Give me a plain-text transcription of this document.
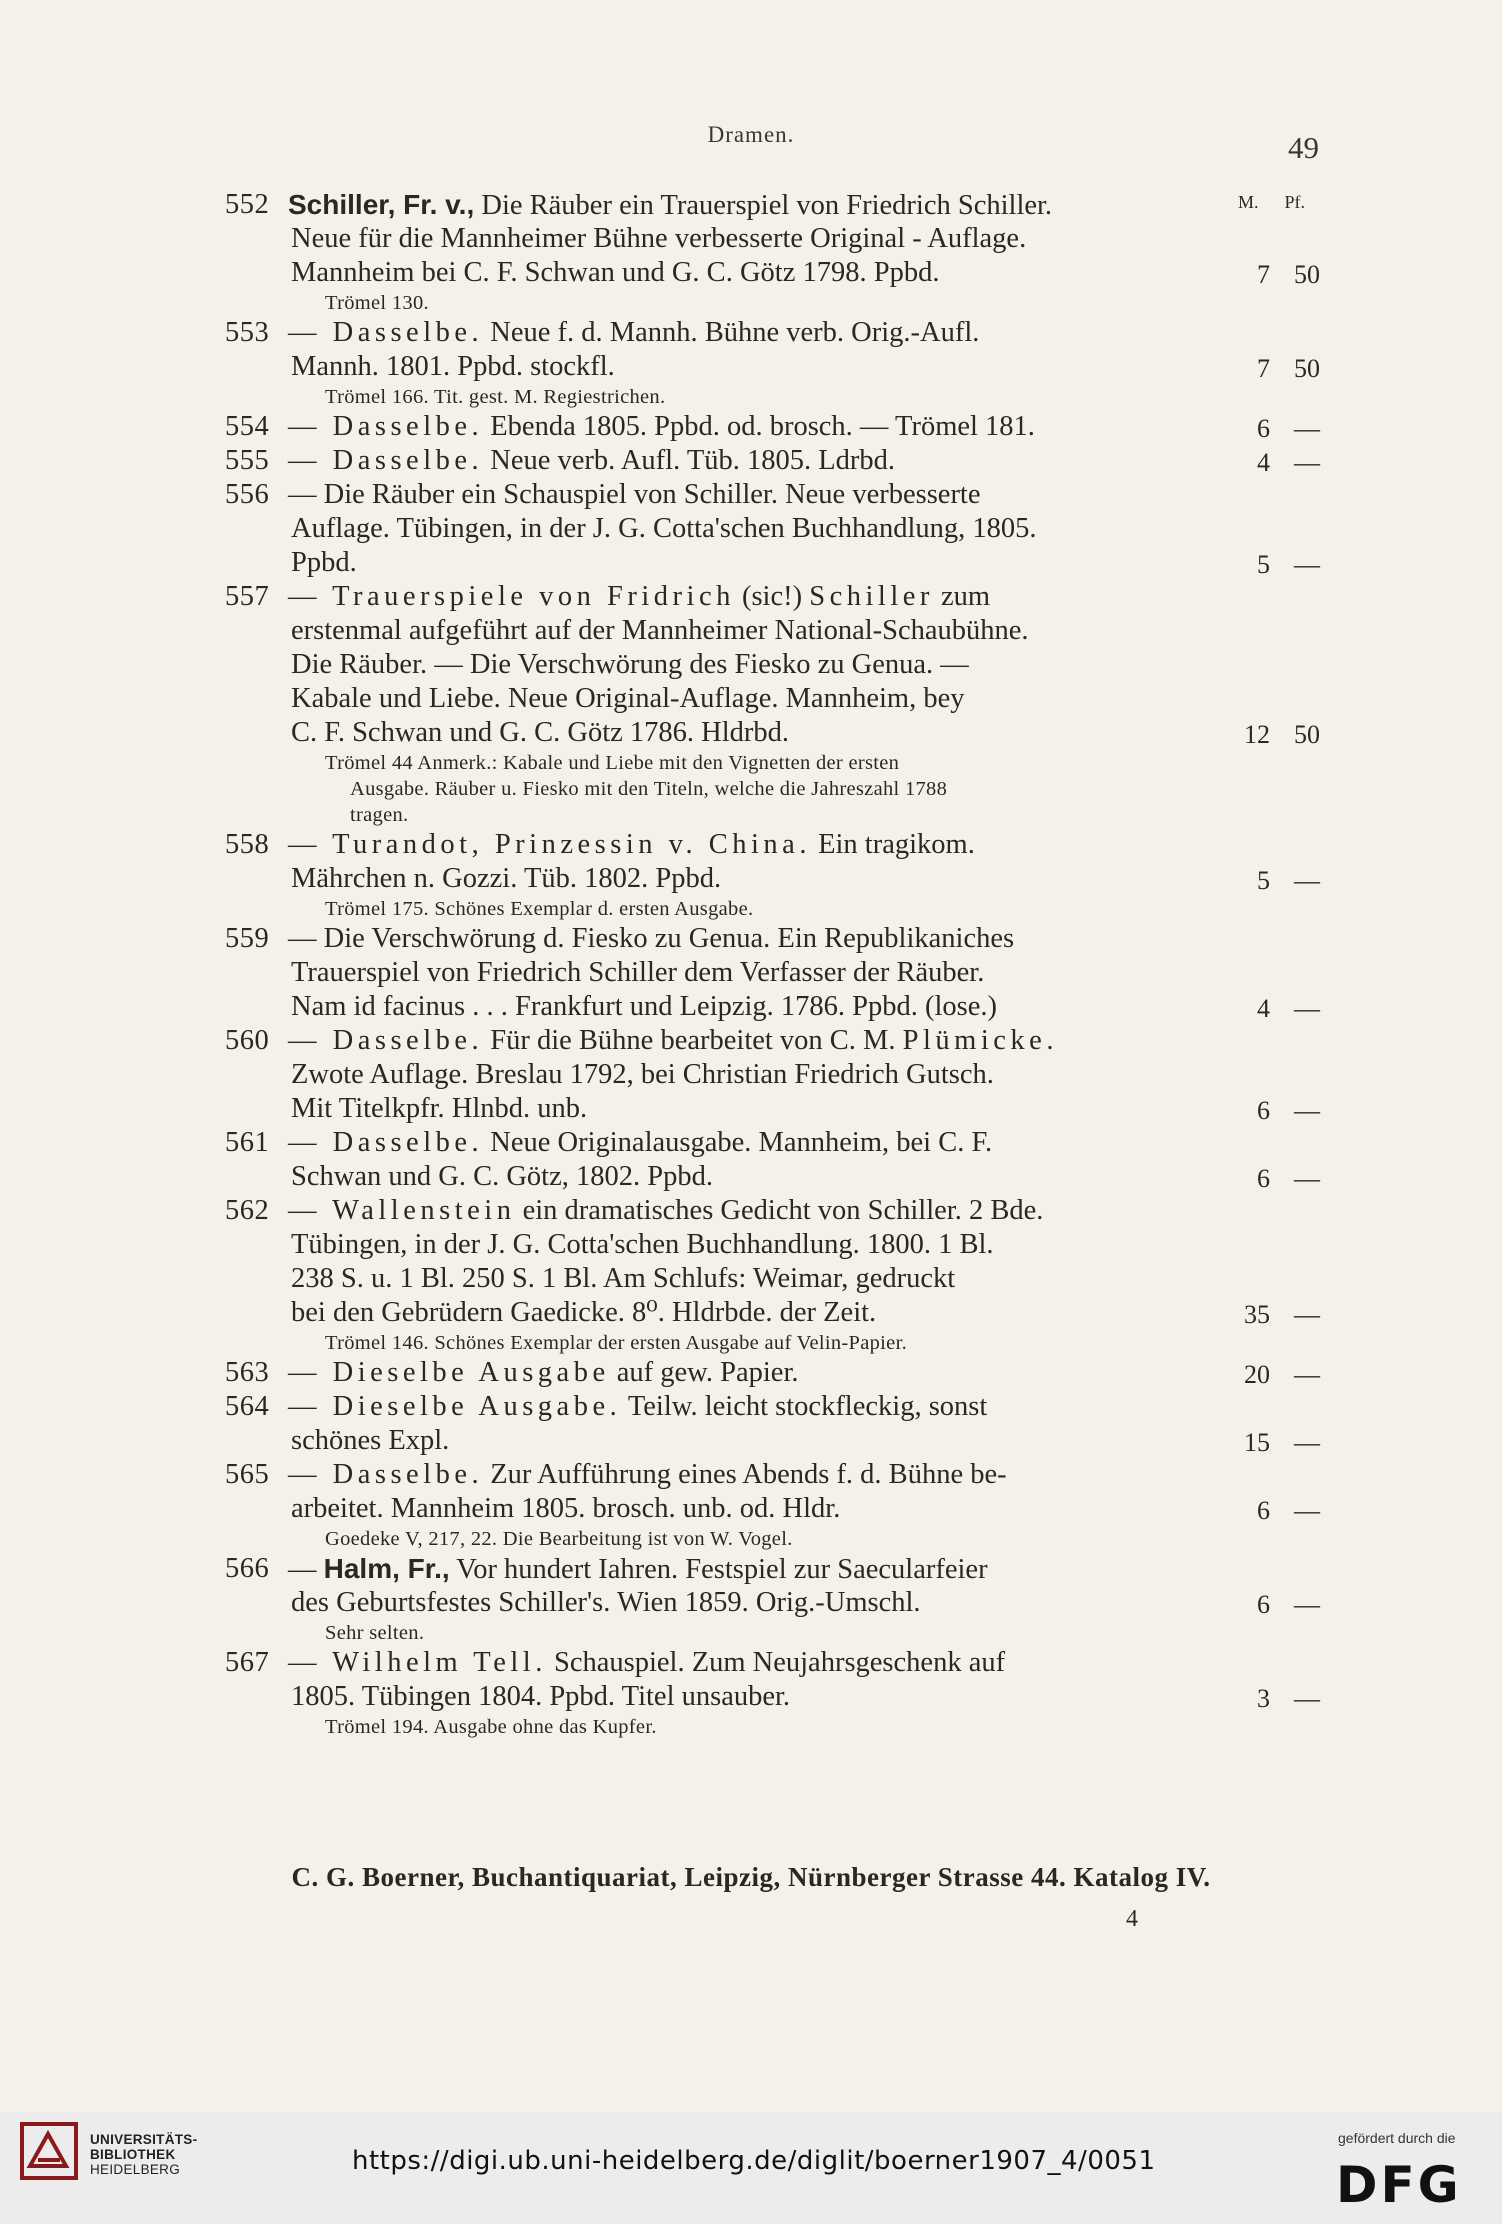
Dramen.	49
M. Pf.
552 Schiller, Fr. v., Die Räuber ein Trauerspiel von Friedrich Schiller.
Neue für die Mannheimer Bühne verbesserte Original - Auflage.
Mannheim bei C. F. Schwan und G. C. Götz 1798. Ppbd.	7 50
Trömel 130.
553 — Dasselbe. Neue f. d. Mannh. Bühne verb. Orig.-Aufl.
Mannh. 1801. Ppbd. stockfl.	7 50
Trömel 166. Tit. gest. M. Regiestrichen.
554 — Dasselbe. Ebenda 1805. Ppbd. od. brosch. — Trömel 181.	6 —
555 — Dasselbe. Neue verb. Aufl. Tüb. 1805. Ldrbd.	4 —
556 — Die Räuber ein Schauspiel von Schiller. Neue verbesserte
Auflage. Tübingen, in der J. G. Cotta'schen Buchhandlung, 1805.
Ppbd.	5 —
557 — Trauerspiele von Fridrich (sic!) Schiller zum
erstenmal aufgeführt auf der Mannheimer National-Schaubühne.
Die Räuber. — Die Verschwörung des Fiesko zu Genua. —
Kabale und Liebe. Neue Original-Auflage. Mannheim, bey
C. F. Schwan und G. C. Götz 1786. Hldrbd.	12 50
Trömel 44 Anmerk.: Kabale und Liebe mit den Vignetten der ersten
Ausgabe. Räuber u. Fiesko mit den Titeln, welche die Jahreszahl 1788
tragen.
558 — Turandot, Prinzessin v. China. Ein tragikom.
Mährchen n. Gozzi. Tüb. 1802. Ppbd.	5 —
Trömel 175. Schönes Exemplar d. ersten Ausgabe.
559 — Die Verschwörung d. Fiesko zu Genua. Ein Republikaniches
Trauerspiel von Friedrich Schiller dem Verfasser der Räuber.
Nam id facinus . . . Frankfurt und Leipzig. 1786. Ppbd. (lose.)	4 —
560 — Dasselbe. Für die Bühne bearbeitet von C. M. Plümicke.
Zwote Auflage. Breslau 1792, bei Christian Friedrich Gutsch.
Mit Titelkpfr. Hlnbd. unb.	6 —
561 — Dasselbe. Neue Originalausgabe. Mannheim, bei C. F.
Schwan und G. C. Götz, 1802. Ppbd.	6 —
562 — Wallenstein ein dramatisches Gedicht von Schiller. 2 Bde.
Tübingen, in der J. G. Cotta'schen Buchhandlung. 1800. 1 Bl.
238 S. u. 1 Bl. 250 S. 1 Bl. Am Schlufs: Weimar, gedruckt
bei den Gebrüdern Gaedicke. 8⁰. Hldrbde. der Zeit.	35 —
Trömel 146. Schönes Exemplar der ersten Ausgabe auf Velin-Papier.
563 — Dieselbe Ausgabe auf gew. Papier.	20 —
564 — Dieselbe Ausgabe. Teilw. leicht stockfleckig, sonst
schönes Expl.	15 —
565 — Dasselbe. Zur Aufführung eines Abends f. d. Bühne be-
arbeitet. Mannheim 1805. brosch. unb. od. Hldr.	6 —
Goedeke V, 217, 22. Die Bearbeitung ist von W. Vogel.
566 — Halm, Fr., Vor hundert Iahren. Festspiel zur Saecularfeier
des Geburtsfestes Schiller's. Wien 1859. Orig.-Umschl.	6 —
Sehr selten.
567 — Wilhelm Tell. Schauspiel. Zum Neujahrsgeschenk auf
1805. Tübingen 1804. Ppbd. Titel unsauber.	3 —
Trömel 194. Ausgabe ohne das Kupfer.
C. G. Boerner, Buchantiquariat, Leipzig, Nürnberger Strasse 44. Katalog IV.
4
UNIVERSITÄTS-
BIBLIOTHEK
HEIDELBERG	https://digi.ub.uni-heidelberg.de/diglit/boerner1907_4/0051
gefördert durch die
DFG
